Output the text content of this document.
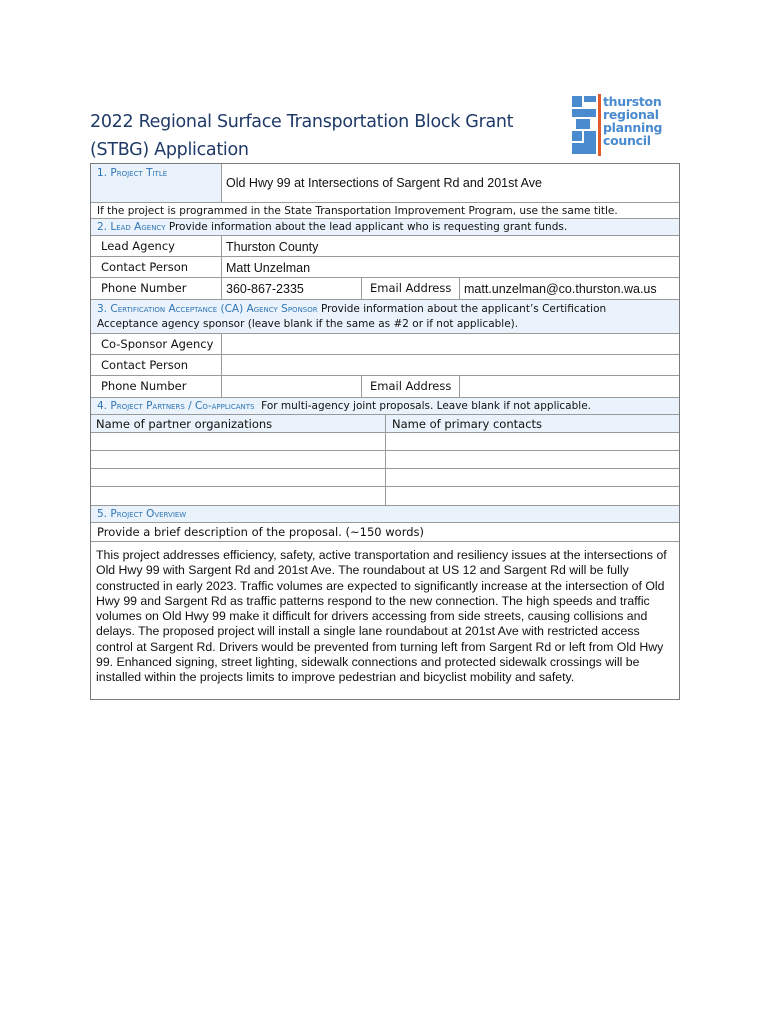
2022 Regional Surface Transportation Block Grant (STBG) Application
thurston
regional
planning
council
1. Project Title
Old Hwy 99 at Intersections of Sargent Rd and 201st Ave
If the project is programmed in the State Transportation Improvement Program, use the same title.
2. Lead Agency Provide information about the lead applicant who is requesting grant funds.
Lead Agency	Thurston County
Contact Person	Matt Unzelman
Phone Number	360-867-2335	Email Address	matt.unzelman@co.thurston.wa.us
3. Certification Acceptance (CA) Agency Sponsor Provide information about the applicant’s Certification
Acceptance agency sponsor (leave blank if the same as #2 or if not applicable).
Co-Sponsor Agency
Contact Person
Phone Number	Email Address
4. Project Partners / Co-applicants For multi-agency joint proposals. Leave blank if not applicable.
Name of partner organizations	Name of primary contacts
5. Project Overview
Provide a brief description of the proposal. (~150 words)
This project addresses efficiency, safety, active transportation and resiliency issues at the intersections of Old Hwy 99 with Sargent Rd and 201st Ave. The roundabout at US 12 and Sargent Rd will be fully constructed in early 2023. Traffic volumes are expected to significantly increase at the intersection of Old Hwy 99 and Sargent Rd as traffic patterns respond to the new connection. The high speeds and traffic volumes on Old Hwy 99 make it difficult for drivers accessing from side streets, causing collisions and delays. The proposed project will install a single lane roundabout at 201st Ave with restricted access control at Sargent Rd. Drivers would be prevented from turning left from Sargent Rd or left from Old Hwy 99. Enhanced signing, street lighting, sidewalk connections and protected sidewalk crossings will be installed within the projects limits to improve pedestrian and bicyclist mobility and safety.
